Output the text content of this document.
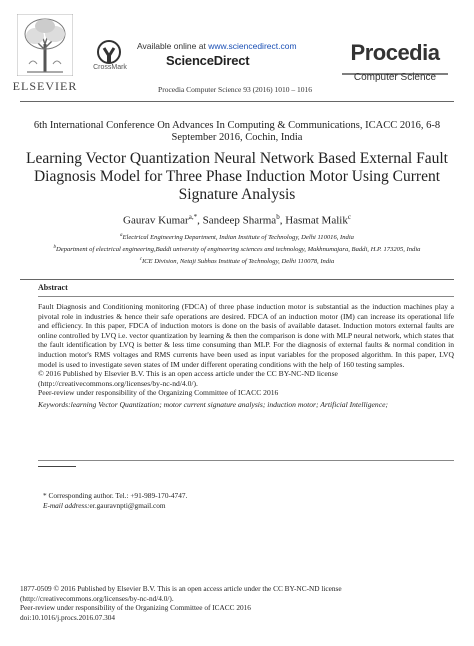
ELSEVIER
CrossMark
Available online at www.sciencedirect.com
ScienceDirect
Procedia Computer Science 93 (2016) 1010 – 1016
Procedia
Computer Science
6th International Conference On Advances In Computing & Communications, ICACC 2016, 6-8 September 2016, Cochin, India
Learning Vector Quantization Neural Network Based External Fault Diagnosis Model for Three Phase Induction Motor Using Current Signature Analysis
Gaurav Kumar$^{a,*}$, Sandeep Sharma$^b$, Hasmat Malik$^c$
$^a$Electrical Engineering Department, Indian Institute of Technology, Delhi 110016, India
$^b$Department of electrical engineering,Baddi university of engineering sciences and technology, Makhnumajara, Baddi, H.P. 173205, India
$^c$ICE Division, Netaji Subhas Institute of Technology, Delhi 110078, India
Abstract

Fault Diagnosis and Conditioning monitoring (FDCA) of three phase induction motor is substantial as the induction machines play a pivotal role in industries & hence their safe operations are desired. FDCA of an induction motor (IM) can increase its operational life and efficiency. In this paper, FDCA of induction motors is done on the basis of available dataset. Induction motors external faults are online controlled by LVQ i.e. vector quantization by learning & then the comparison is done with MLP neural network, which states that the fault identification by LVQ is better & less time consuming than MLP. For the diagnosis of external faults & normal condition in induction motor's RMS voltages and RMS currents have been used as input variables for the proposed algorithm. In this paper, LVQ model is used to investigate seven states of IM under different operating conditions with the help of 160 testing samples.

© 2016 Published by Elsevier B.V. This is an open access article under the CC BY-NC-ND license

(http://creativecommons.org/licenses/by-nc-nd/4.0/).

Peer-review under responsibility of the Organizing Committee of ICACC 2016

Keywords:learning Vector Quantization; motor current signature analysis; induction motor; Artificial Intelligence;

* Corresponding author. Tel.: +91-989-170-4747.
E-mail address:er.gauravnpti@gmail.com
1877-0509 © 2016 Published by Elsevier B.V. This is an open access article under the CC BY-NC-ND license
(http://creativecommons.org/licenses/by-nc-nd/4.0/).
Peer-review under responsibility of the Organizing Committee of ICACC 2016
doi:10.1016/j.procs.2016.07.304
